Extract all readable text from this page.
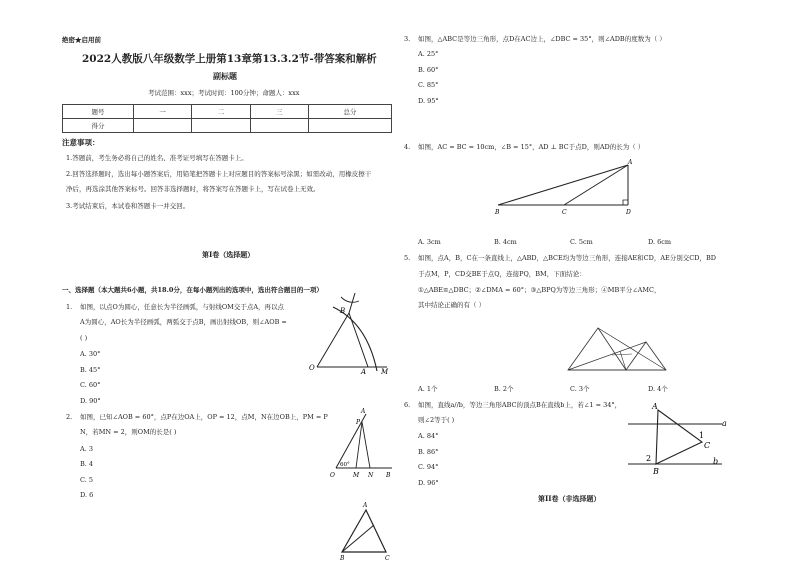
绝密★启用前
2022人教版八年级数学上册第13章第13.3.2节-带答案和解析
副标题
考试范围：xxx；考试时间：100分钟；命题人：xxx
题号	一	二	三	总分
得分				
注意事项：
1.答题前，考生务必将自己的姓名、准考证号填写在答题卡上。
2.回答选择题时，选出每小题答案后，用铅笔把答题卡上对应题目的答案标号涂黑；如需改动，用橡皮擦干
净后，再选涂其他答案标号。回答非选择题时，将答案写在答题卡上，写在试卷上无效。
3.考试结束后，本试卷和答题卡一并交回。
第I卷（选择题）
一、选择题（本大题共6小题，共18.0分，在每小题列出的选项中，选出符合题目的一项）
1. 如图，以点O为圆心，任意长为半径画弧，与射线OM交于点A，再以点
A为圆心，AO长为半径画弧，两弧交于点B，画出射线OB，则∠AOB =
( )
A. 30°
B. 45°
C. 60°
D. 90°
B
O	A M
2. 如图，已知∠AOB = 60°，点P在边OA上，OP = 12，点M，N在边OB上，PM = P
N，若MN = 2，则OM的长是( )
A. 3
B. 4
C. 5
D. 6
A
P
60°
O	M N B
A
B	C
3. 如图，△ABC是等边三角形，点D在AC边上，∠DBC = 35°，则∠ADB的度数为（ ）
A. 25°
B. 60°
C. 85°
D. 95°
4. 如图，AC = BC = 10cm，∠B = 15°，AD ⊥ BC于点D，则AD的长为（ ）
A
B	C	D
A. 3cm	B. 4cm	C. 5cm	D. 6cm
5. 如图，点A，B，C在一条直线上，△ABD，△BCE均为等边三角形，连接AE和CD，AE分别交CD，BD
于点M，P，CD交BE于点Q，连接PQ，BM，下面结论：
①△ABE≌△DBC；②∠DMA = 60°；③△BPQ为等边三角形；④MB平分∠AMC，
其中结论正确的有（ ）
A. 1个	B. 2个	C. 3个	D. 4个
6. 如图，直线a//b，等边三角形ABC的顶点B在直线b上，若∠1 = 34°，
则∠2等于( )
A. 84°
B. 86°
C. 94°
D. 96°
A
a
1
C
2
B
b
第II卷（非选择题）
